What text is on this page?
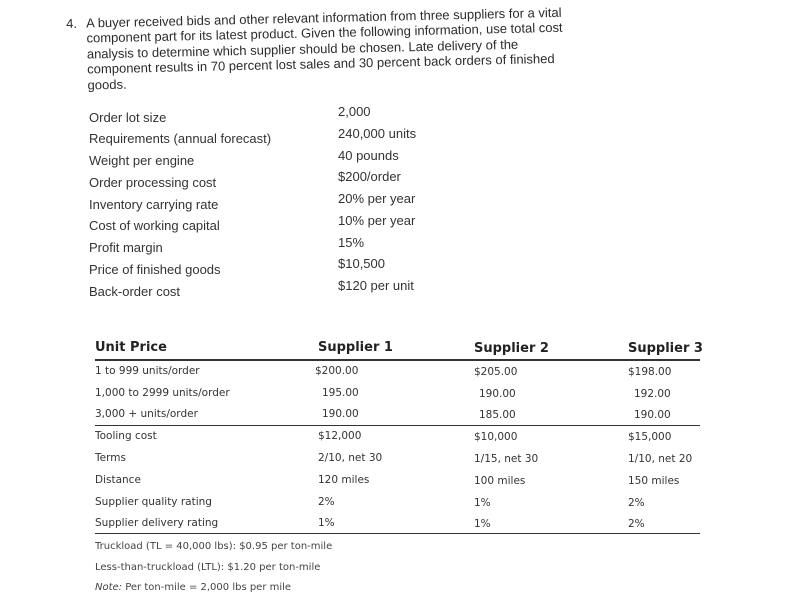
4. A buyer received bids and other relevant information from three suppliers for a vital component part for its latest product. Given the following information, use total cost analysis to determine which supplier should be chosen. Late delivery of the component results in 70 percent lost sales and 30 percent back orders of finished goods.
Order lot size	2,000
Requirements (annual forecast)	240,000 units
Weight per engine	40 pounds
Order processing cost	$200/order
Inventory carrying rate	20% per year
Cost of working capital	10% per year
Profit margin	15%
Price of finished goods	$10,500
Back-order cost	$120 per unit
Unit Price	Supplier 1	Supplier 2	Supplier 3
1 to 999 units/order	$200.00	$205.00	$198.00
1,000 to 2999 units/order	195.00	190.00	192.00
3,000 + units/order	190.00	185.00	190.00
Tooling cost	$12,000	$10,000	$15,000
Terms	2/10, net 30	1/15, net 30	1/10, net 20
Distance	120 miles	100 miles	150 miles
Supplier quality rating	2%	1%	2%
Supplier delivery rating	1%	1%	2%
Truckload (TL = 40,000 lbs): $0.95 per ton-mile
Less-than-truckload (LTL): $1.20 per ton-mile
Note: Per ton-mile = 2,000 lbs per mile
